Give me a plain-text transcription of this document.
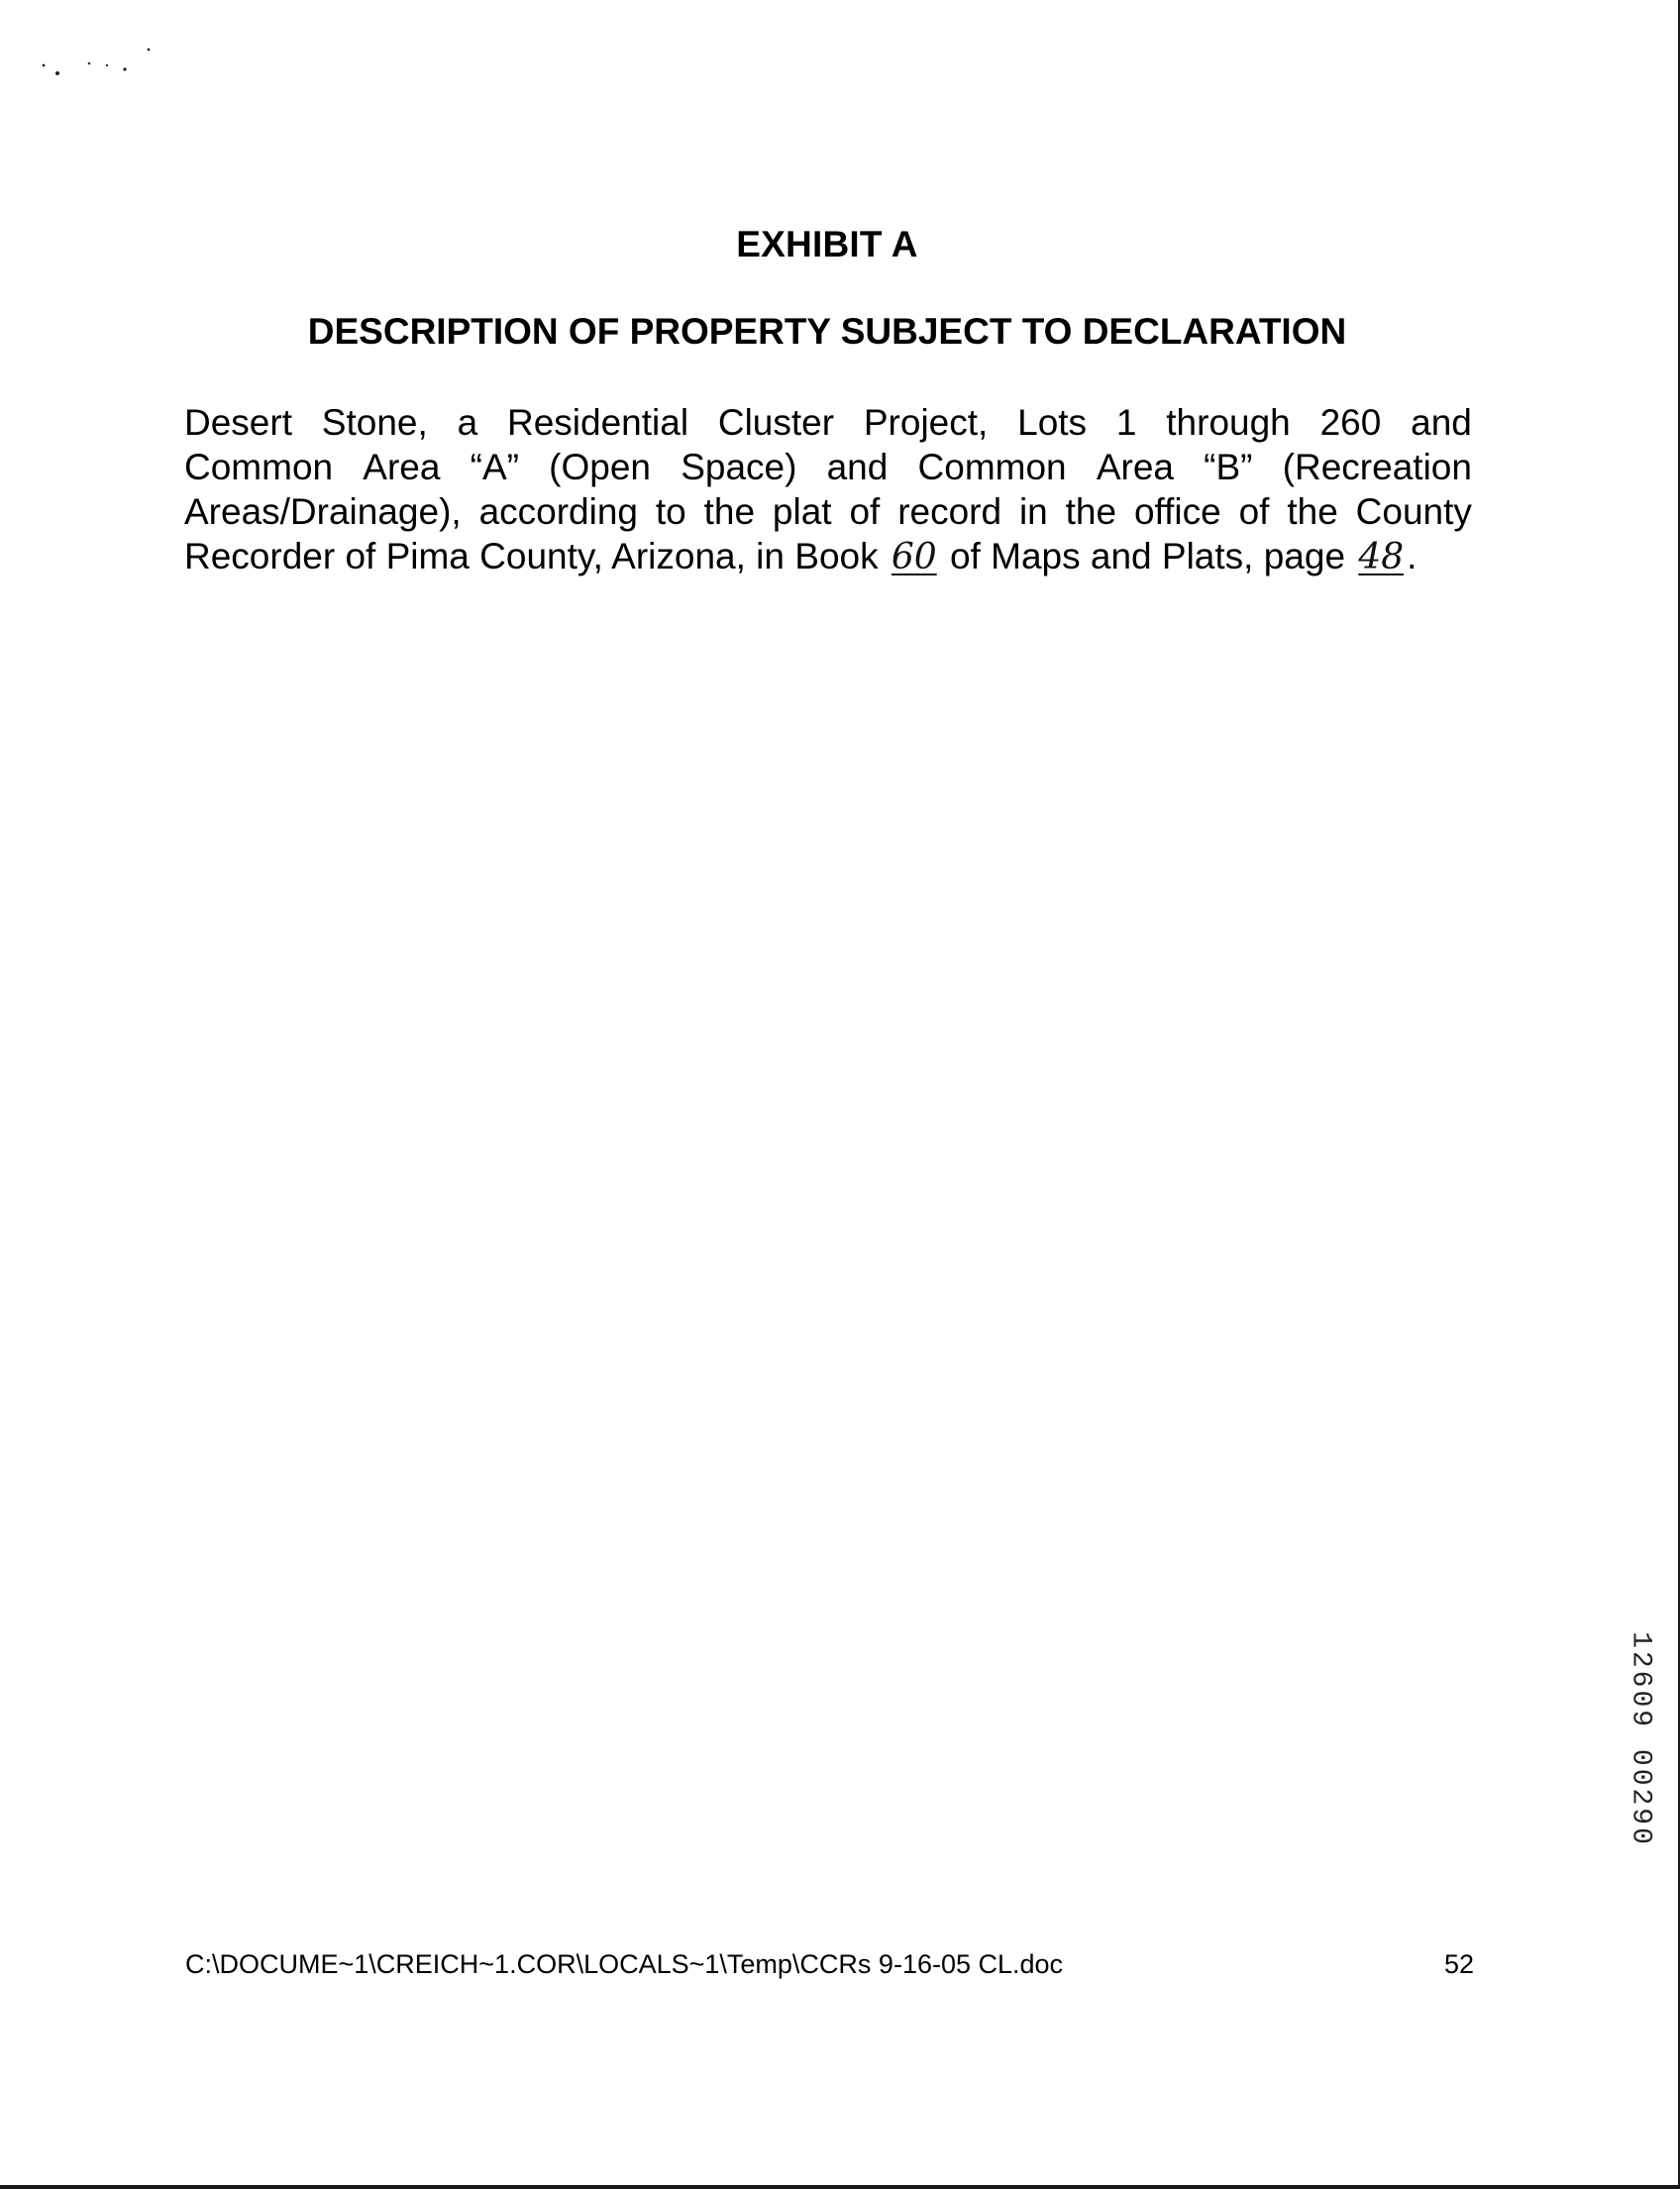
EXHIBIT A
DESCRIPTION OF PROPERTY SUBJECT TO DECLARATION
Desert Stone, a Residential Cluster Project, Lots 1 through 260 and
Common Area “A” (Open Space) and Common Area “B” (Recreation
Areas/Drainage), according to the plat of record in the office of the County
Recorder of Pima County, Arizona, in Book 60 of Maps and Plats, page 48.
12609 00290
C:\DOCUME~1\CREICH~1.COR\LOCALS~1\Temp\CCRs 9-16-05 CL.doc	52
